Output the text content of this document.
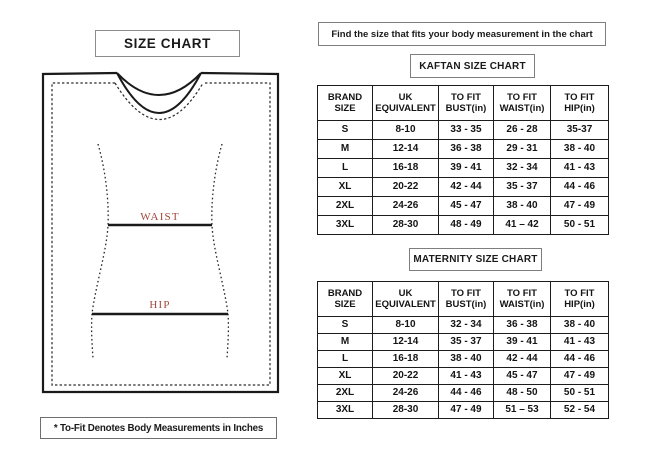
SIZE CHART
WAIST
HIP
* To-Fit Denotes Body Measurements in Inches
Find the size that fits your body measurement in the chart
KAFTAN SIZE CHART
BRAND SIZE	UK EQUIVALENT	TO FIT BUST(in)	TO FIT WAIST(in)	TO FIT HIP(in)
S	8-10	33 - 35	26 - 28	35-37
M	12-14	36 - 38	29 - 31	38 - 40
L	16-18	39 - 41	32 - 34	41 - 43
XL	20-22	42 - 44	35 - 37	44 - 46
2XL	24-26	45 - 47	38 - 40	47 - 49
3XL	28-30	48 - 49	41 – 42	50 - 51
MATERNITY SIZE CHART
BRAND SIZE	UK EQUIVALENT	TO FIT BUST(in)	TO FIT WAIST(in)	TO FIT HIP(in)
S	8-10	32 - 34	36 - 38	38 - 40
M	12-14	35 - 37	39 - 41	41 - 43
L	16-18	38 - 40	42 - 44	44 - 46
XL	20-22	41 - 43	45 - 47	47 - 49
2XL	24-26	44 - 46	48 - 50	50 - 51
3XL	28-30	47 - 49	51 – 53	52 - 54
